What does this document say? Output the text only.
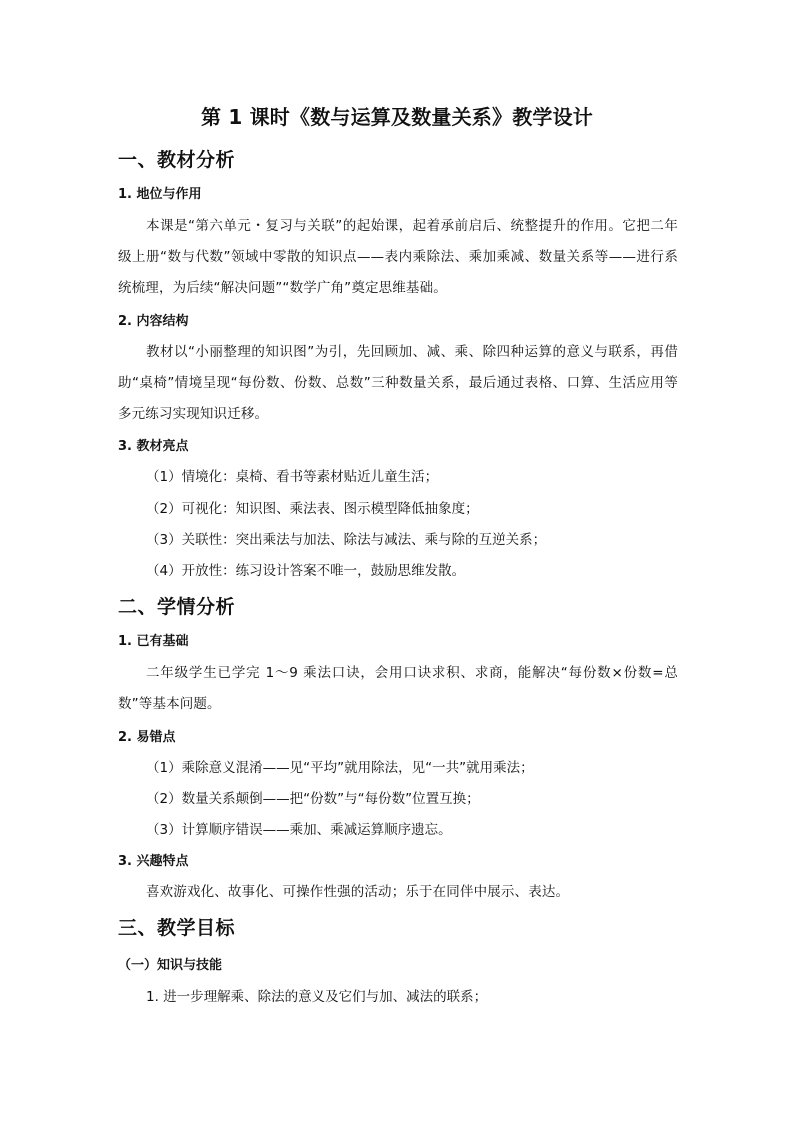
第 1 课时《数与运算及数量关系》教学设计
一、教材分析
1. 地位与作用
本课是“第六单元・复习与关联”的起始课，起着承前启后、统整提升的作用。它把二年级上册“数与代数”领域中零散的知识点——表内乘除法、乘加乘减、数量关系等——进行系统梳理，为后续“解决问题”“数学广角”奠定思维基础。
2. 内容结构
教材以“小丽整理的知识图”为引，先回顾加、减、乘、除四种运算的意义与联系，再借助“桌椅”情境呈现“每份数、份数、总数”三种数量关系，最后通过表格、口算、生活应用等多元练习实现知识迁移。
3. 教材亮点
（1）情境化：桌椅、看书等素材贴近儿童生活；
（2）可视化：知识图、乘法表、图示模型降低抽象度；
（3）关联性：突出乘法与加法、除法与减法、乘与除的互逆关系；
（4）开放性：练习设计答案不唯一，鼓励思维发散。
二、学情分析
1. 已有基础
二年级学生已学完 1～9 乘法口诀，会用口诀求积、求商，能解决“每份数×份数=总数”等基本问题。
2. 易错点
（1）乘除意义混淆——见“平均”就用除法，见“一共”就用乘法；
（2）数量关系颠倒——把“份数”与“每份数”位置互换；
（3）计算顺序错误——乘加、乘减运算顺序遗忘。
3. 兴趣特点
喜欢游戏化、故事化、可操作性强的活动；乐于在同伴中展示、表达。
三、教学目标
（一）知识与技能
1. 进一步理解乘、除法的意义及它们与加、减法的联系；
